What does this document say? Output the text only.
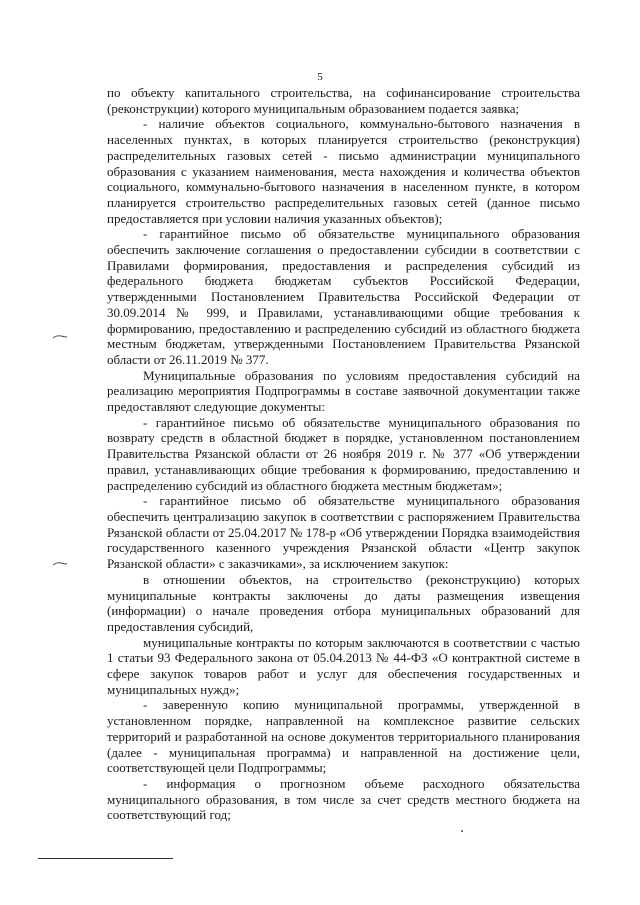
5

по объекту капитального строительства, на софинансирование строительства (реконструкции) которого муниципальным образованием подается заявка;

- наличие объектов социального, коммунально-бытового назначения в населенных пунктах, в которых планируется строительство (реконструкция) распределительных газовых сетей - письмо администрации муниципального образования с указанием наименования, места нахождения и количества объектов социального, коммунально-бытового назначения в населенном пункте, в котором планируется строительство распределительных газовых сетей (данное письмо предоставляется при условии наличия указанных объектов);

- гарантийное письмо об обязательстве муниципального образования обеспечить заключение соглашения о предоставлении субсидии в соответствии с Правилами формирования, предоставления и распределения субсидий из федерального бюджета бюджетам субъектов Российской Федерации, утвержденными Постановлением Правительства Российской Федерации от 30.09.2014 № 999, и Правилами, устанавливающими общие требования к формированию, предоставлению и распределению субсидий из областного бюджета местным бюджетам, утвержденными Постановлением Правительства Рязанской области от 26.11.2019 № 377.

Муниципальные образования по условиям предоставления субсидий на реализацию мероприятия Подпрограммы в составе заявочной документации также предоставляют следующие документы:

- гарантийное письмо об обязательстве муниципального образования по возврату средств в областной бюджет в порядке, установленном постановлением Правительства Рязанской области от 26 ноября 2019 г. № 377 «Об утверждении правил, устанавливающих общие требования к формированию, предоставлению и распределению субсидий из областного бюджета местным бюджетам»;

- гарантийное письмо об обязательстве муниципального образования обеспечить централизацию закупок в соответствии с распоряжением Правительства Рязанской области от 25.04.2017 № 178-р «Об утверждении Порядка взаимодействия государственного казенного учреждения Рязанской области «Центр закупок Рязанской области» с заказчиками», за исключением закупок:

в отношении объектов, на строительство (реконструкцию) которых муниципальные контракты заключены до даты размещения извещения (информации) о начале проведения отбора муниципальных образований для предоставления субсидий,

муниципальные контракты по которым заключаются в соответствии с частью 1 статьи 93 Федерального закона от 05.04.2013 № 44-ФЗ «О контрактной системе в сфере закупок товаров работ и услуг для обеспечения государственных и муниципальных нужд»;

- заверенную копию муниципальной программы, утвержденной в установленном порядке, направленной на комплексное развитие сельских территорий и разработанной на основе документов территориального планирования (далее - муниципальная программа) и направленной на достижение цели, соответствующей цели Подпрограммы;

- информация о прогнозном объеме расходного обязательства муниципального образования, в том числе за счет средств местного бюджета на соответствующий год;
